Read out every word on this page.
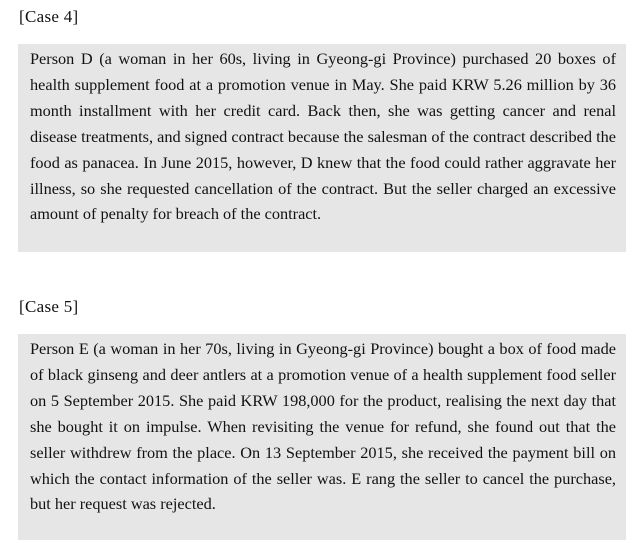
[Case 4]
Person D (a woman in her 60s, living in Gyeong-gi Province) purchased 20 boxes of health supplement food at a promotion venue in May. She paid KRW 5.26 million by 36 month installment with her credit card. Back then, she was getting cancer and renal disease treatments, and signed contract because the salesman of the contract described the food as panacea. In June 2015, however, D knew that the food could rather aggravate her illness, so she requested cancellation of the contract. But the seller charged an excessive amount of penalty for breach of the contract.
[Case 5]
Person E (a woman in her 70s, living in Gyeong-gi Province) bought a box of food made of black ginseng and deer antlers at a promotion venue of a health supplement food seller on 5 September 2015. She paid KRW 198,000 for the product, realising the next day that she bought it on impulse. When revisiting the venue for refund, she found out that the seller withdrew from the place. On 13 September 2015, she received the payment bill on which the contact information of the seller was. E rang the seller to cancel the purchase, but her request was rejected.
